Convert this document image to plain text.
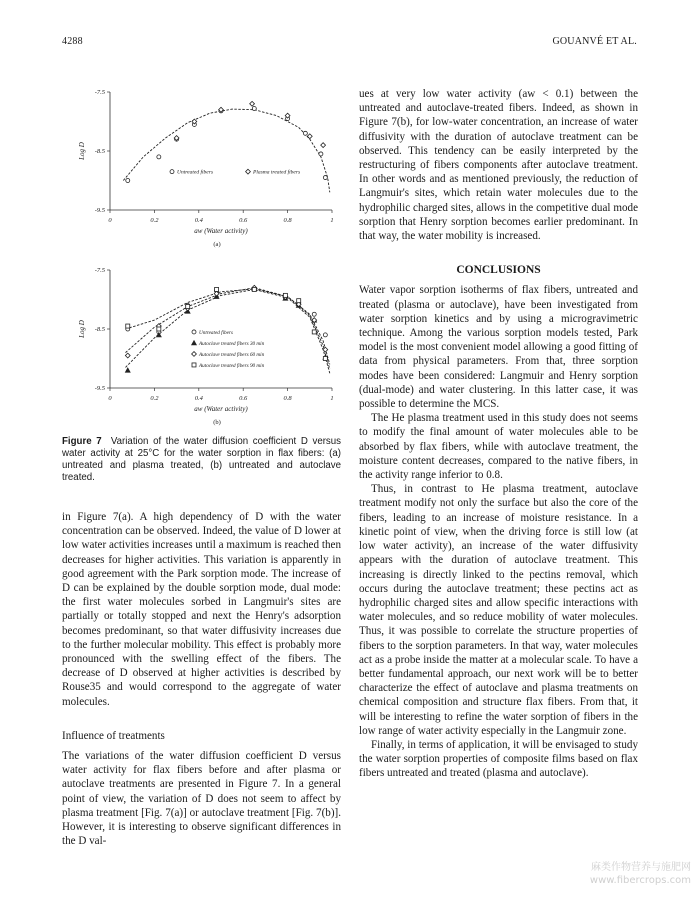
4288	GOUANVÉ ET AL.
0	0.2	0.4	0.6	0.8	1
-7.5
-8.5
-9.5
aw (Water activity)
Log D
(a)
Untreated fibers	Plasma treated fibers
0	0.2	0.4	0.6	0.8	1
-7.5
-8.5
-9.5
aw (Water activity)
Log D
(b)
Untreated fibers
Autoclave treated fibers 30 min
Autoclave treated fibers 60 min
Autoclave treated fibers 90 min
Figure 7 Variation of the water diffusion coefficient D versus water activity at 25°C for the water sorption in flax fibers: (a) untreated and plasma treated, (b) untreated and autoclave treated.

in Figure 7(a). A high dependency of D with the water concentration can be observed. Indeed, the value of D lower at low water activities increases until a maximum is reached then decreases for higher activities. This variation is apparently in good agreement with the Park sorption mode. The increase of D can be explained by the double sorption mode, dual mode: the first water molecules sorbed in Langmuir's sites are partially or totally stopped and next the Henry's adsorption becomes predominant, so that water diffusivity increases due to the further molecular mobility. This effect is probably more pronounced with the swelling effect of the fibers. The decrease of D observed at higher activities is described by Rouse35 and would correspond to the aggregate of water molecules.

Influence of treatments

The variations of the water diffusion coefficient D versus water activity for flax fibers before and after plasma or autoclave treatments are presented in Figure 7. In a general point of view, the variation of D does not seem to affect by plasma treatment [Fig. 7(a)] or autoclave treatment [Fig. 7(b)]. However, it is interesting to observe significant differences in the D val-

ues at very low water activity (aw < 0.1) between the untreated and autoclave-treated fibers. Indeed, as shown in Figure 7(b), for low-water concentration, an increase of water diffusivity with the duration of autoclave treatment can be observed. This tendency can be easily interpreted by the restructuring of fibers components after autoclave treatment. In other words and as mentioned previously, the reduction of Langmuir's sites, which retain water molecules due to the hydrophilic charged sites, allows in the competitive dual mode sorption that Henry sorption becomes earlier predominant. In that way, the water mobility is increased.

CONCLUSIONS

Water vapor sorption isotherms of flax fibers, untreated and treated (plasma or autoclave), have been investigated from water sorption kinetics and by using a microgravimetric technique. Among the various sorption models tested, Park model is the most convenient model allowing a good fitting of data from physical parameters. From that, three sorption modes have been considered: Langmuir and Henry sorption (dual-mode) and water clustering. In this latter case, it was possible to determine the MCS.

The He plasma treatment used in this study does not seems to modify the final amount of water molecules able to be absorbed by flax fibers, while with autoclave treatment, the moisture content decreases, compared to the native fibers, in the activity range inferior to 0.8.

Thus, in contrast to He plasma treatment, autoclave treatment modify not only the surface but also the core of the fibers, leading to an increase of moisture resistance. In a kinetic point of view, when the driving force is still low (at low water activity), an increase of the water diffusivity appears with the duration of autoclave treatment. This increasing is directly linked to the pectins removal, which occurs during the autoclave treatment; these pectins act as hydrophilic charged sites and allow specific interactions with water molecules, and so reduce mobility of water molecules. Thus, it was possible to correlate the structure properties of fibers to the sorption parameters. In that way, water molecules act as a probe inside the matter at a molecular scale. To have a better fundamental approach, our next work will be to better characterize the effect of autoclave and plasma treatments on chemical composition and structure flax fibers. From that, it will be interesting to refine the water sorption of fibers in the low range of water activity especially in the Langmuir zone.

Finally, in terms of application, it will be envisaged to study the water sorption properties of composite films based on flax fibers untreated and treated (plasma and autoclave).

麻类作物营养与施肥网
www.fibercrops.com
